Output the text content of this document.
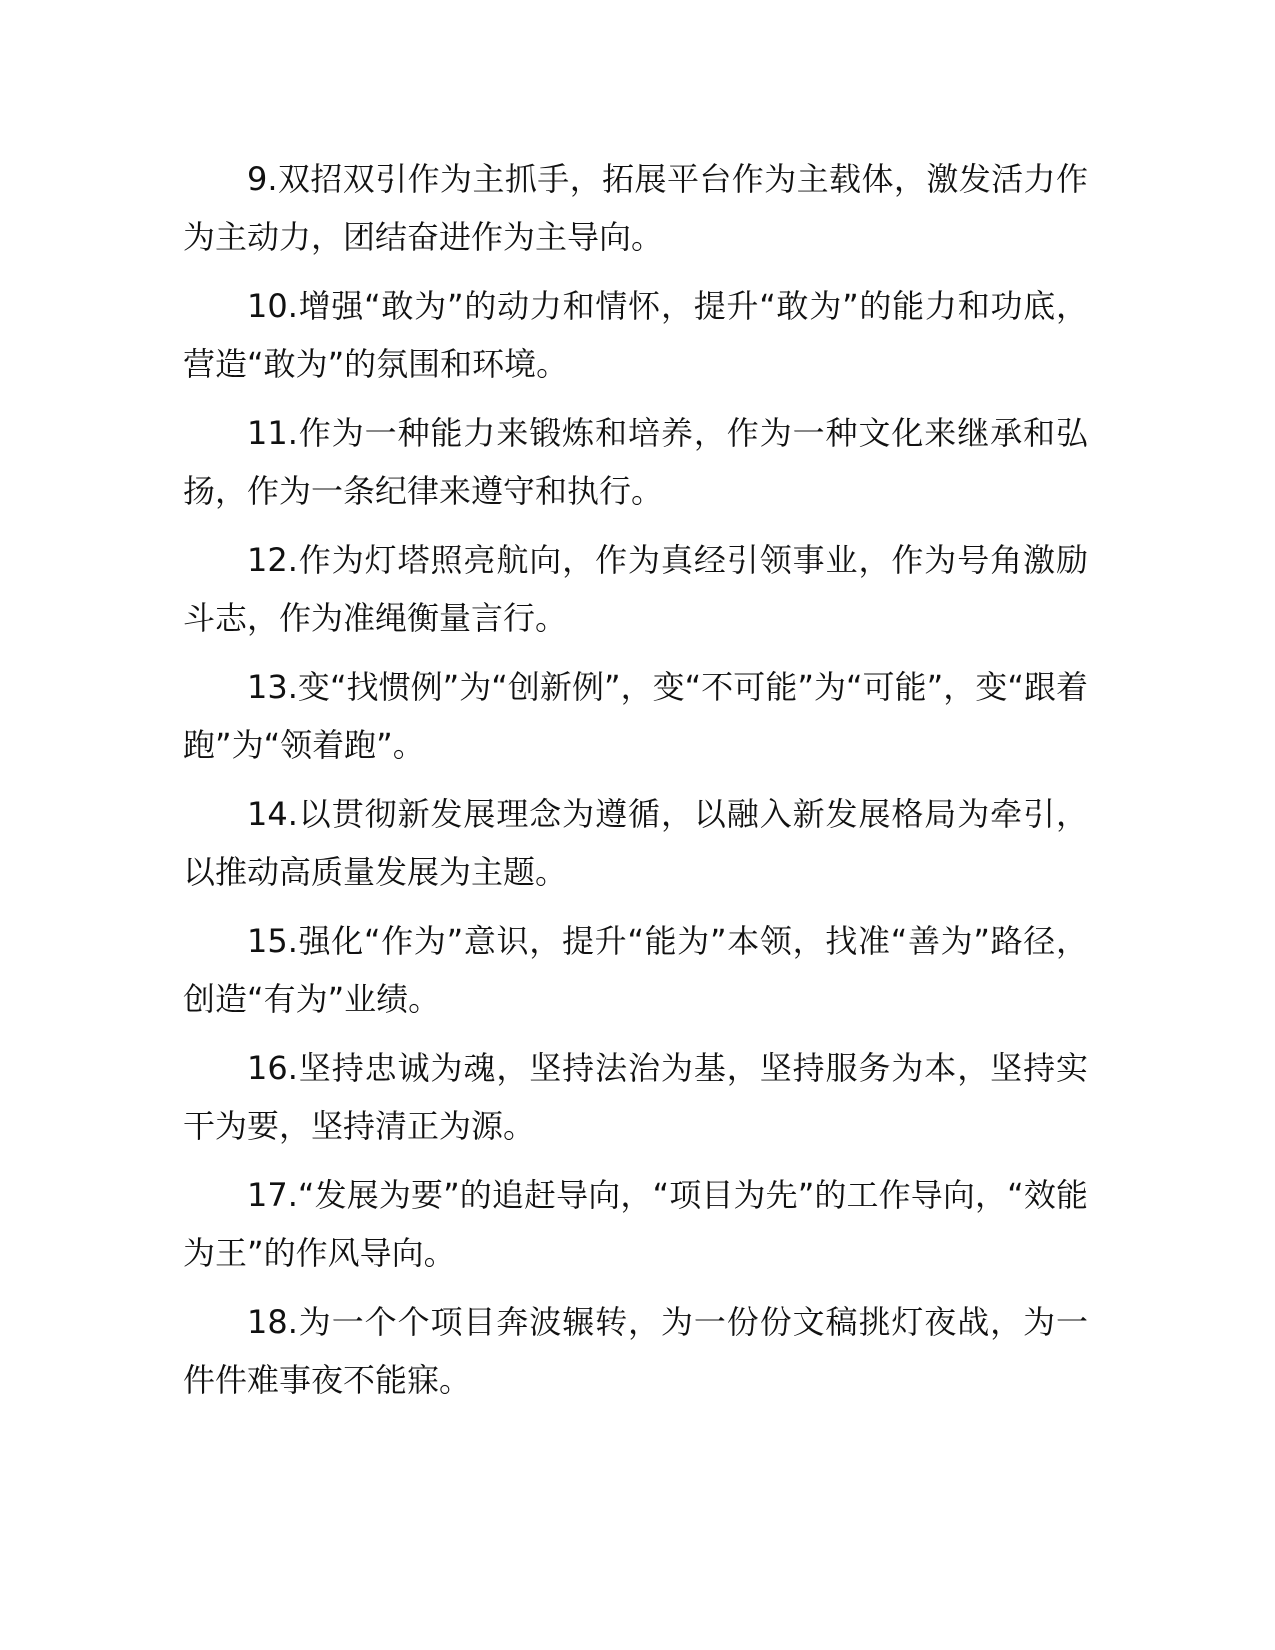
9.双招双引作为主抓手，拓展平台作为主载体，激发活力作为主动力，团结奋进作为主导向。

10.增强“敢为”的动力和情怀，提升“敢为”的能力和功底，营造“敢为”的氛围和环境。

11.作为一种能力来锻炼和培养，作为一种文化来继承和弘扬，作为一条纪律来遵守和执行。

12.作为灯塔照亮航向，作为真经引领事业，作为号角激励斗志，作为准绳衡量言行。

13.变“找惯例”为“创新例”，变“不可能”为“可能”，变“跟着跑”为“领着跑”。

14.以贯彻新发展理念为遵循，以融入新发展格局为牵引，以推动高质量发展为主题。

15.强化“作为”意识，提升“能为”本领，找准“善为”路径，创造“有为”业绩。

16.坚持忠诚为魂，坚持法治为基，坚持服务为本，坚持实干为要，坚持清正为源。

17.“发展为要”的追赶导向，“项目为先”的工作导向，“效能为王”的作风导向。

18.为一个个项目奔波辗转，为一份份文稿挑灯夜战，为一件件难事夜不能寐。
